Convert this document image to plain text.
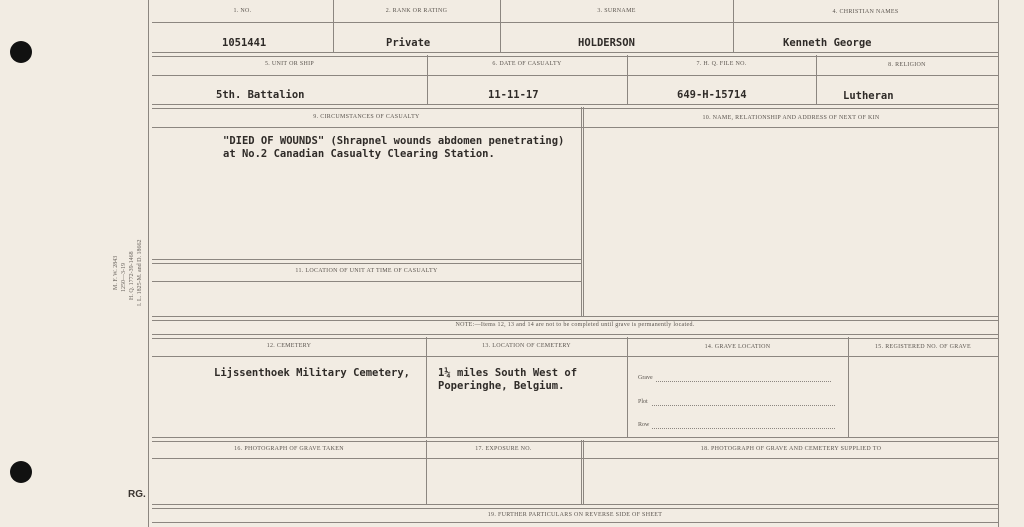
M. F. W. 2843 1250—3-19 H. Q. 1772-39-1468 I. L. 1825-M. and D. 18662
RG.
1. NO.	2. RANK OR RATING	3. SURNAME	4. CHRISTIAN NAMES
1051441	Private	HOLDERSON	Kenneth George
5. UNIT OR SHIP	6. DATE OF CASUALTY	7. H. Q. FILE NO.	8. RELIGION
5th. Battalion	11-11-17	649-H-15714	Lutheran
9. CIRCUMSTANCES OF CASUALTY	10. NAME, RELATIONSHIP AND ADDRESS OF NEXT OF KIN
"DIED OF WOUNDS" (Shrapnel wounds abdomen penetrating)
at No.2 Canadian Casualty Clearing Station.
11. LOCATION OF UNIT AT TIME OF CASUALTY
NOTE:—Items 12, 13 and 14 are not to be completed until grave is permanently located.
12. CEMETERY	13. LOCATION OF CEMETERY	14. GRAVE LOCATION	15. REGISTERED NO. OF GRAVE
Lijssenthoek Military Cemetery,	1¼ miles South West of
Poperinghe, Belgium.
Grave
Plot
Row
16. PHOTOGRAPH OF GRAVE TAKEN	17. EXPOSURE NO.	18. PHOTOGRAPH OF GRAVE AND CEMETERY SUPPLIED TO
19. FURTHER PARTICULARS ON REVERSE SIDE OF SHEET
